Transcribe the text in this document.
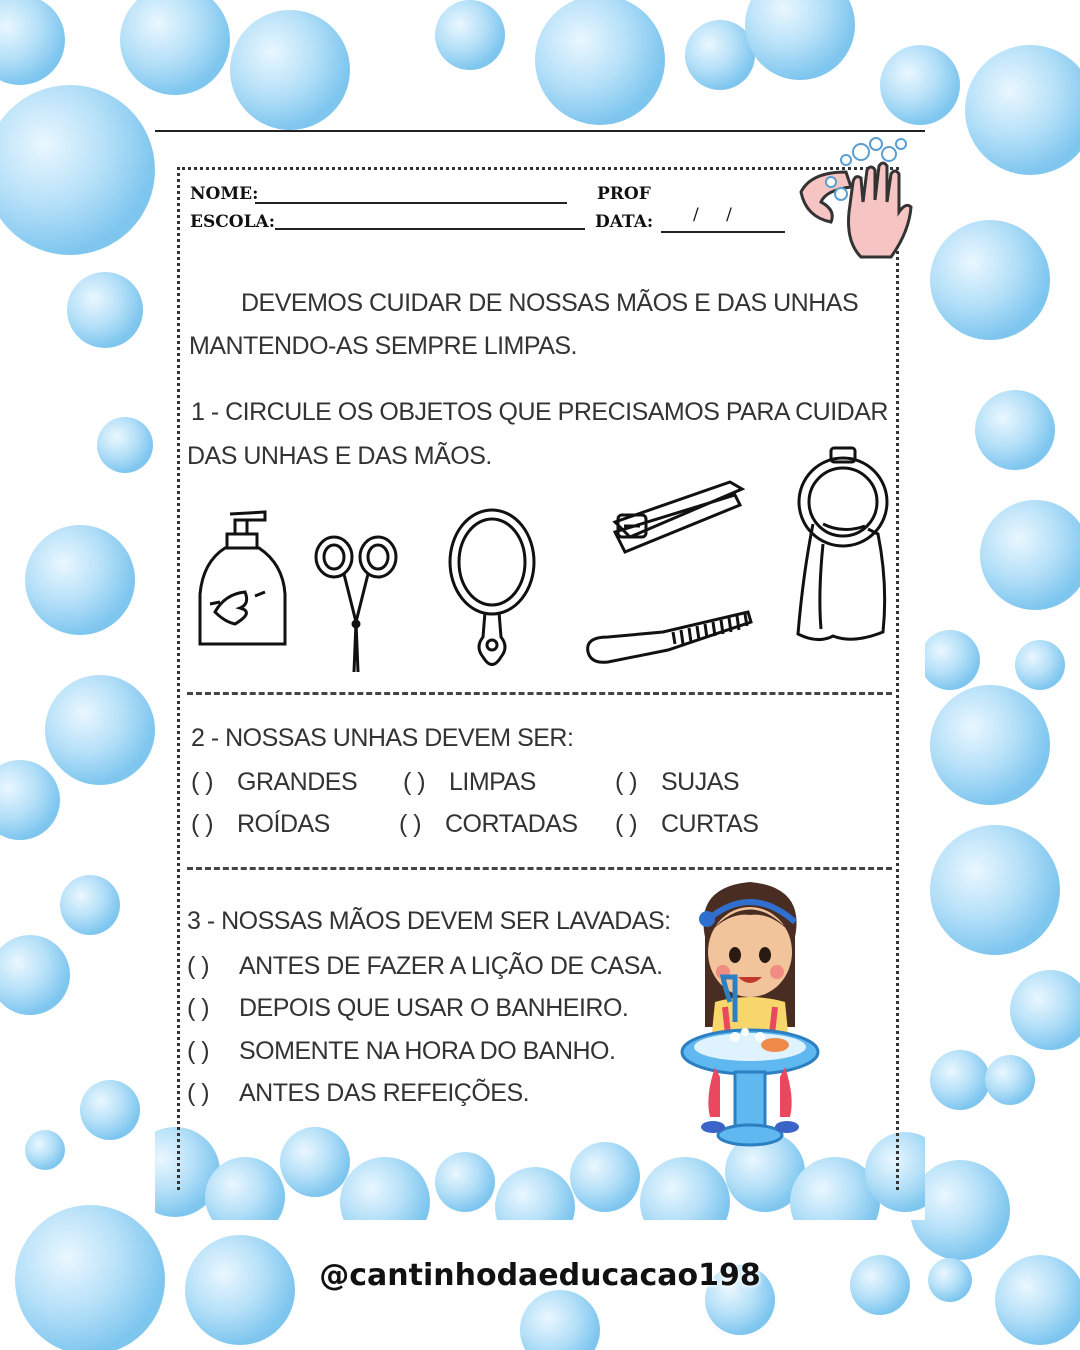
NOME:	PROF
ESCOLA:	DATA: / /
DEVEMOS CUIDAR DE NOSSAS MÃOS E DAS UNHAS
MANTENDO-AS SEMPRE LIMPAS.
1 - CIRCULE OS OBJETOS QUE PRECISAMOS PARA CUIDAR
DAS UNHAS E DAS MÃOS.
2 - NOSSAS UNHAS DEVEM SER:
( ) GRANDES ( ) LIMPAS	( ) SUJAS
( ) ROÍDAS	( ) CORTADAS ( ) CURTAS
3 - NOSSAS MÃOS DEVEM SER LAVADAS:
( ) ANTES DE FAZER A LIÇÃO DE CASA.
( ) DEPOIS QUE USAR O BANHEIRO.
( ) SOMENTE NA HORA DO BANHO.
( ) ANTES DAS REFEIÇÕES.
@cantinhodaeducacao198
